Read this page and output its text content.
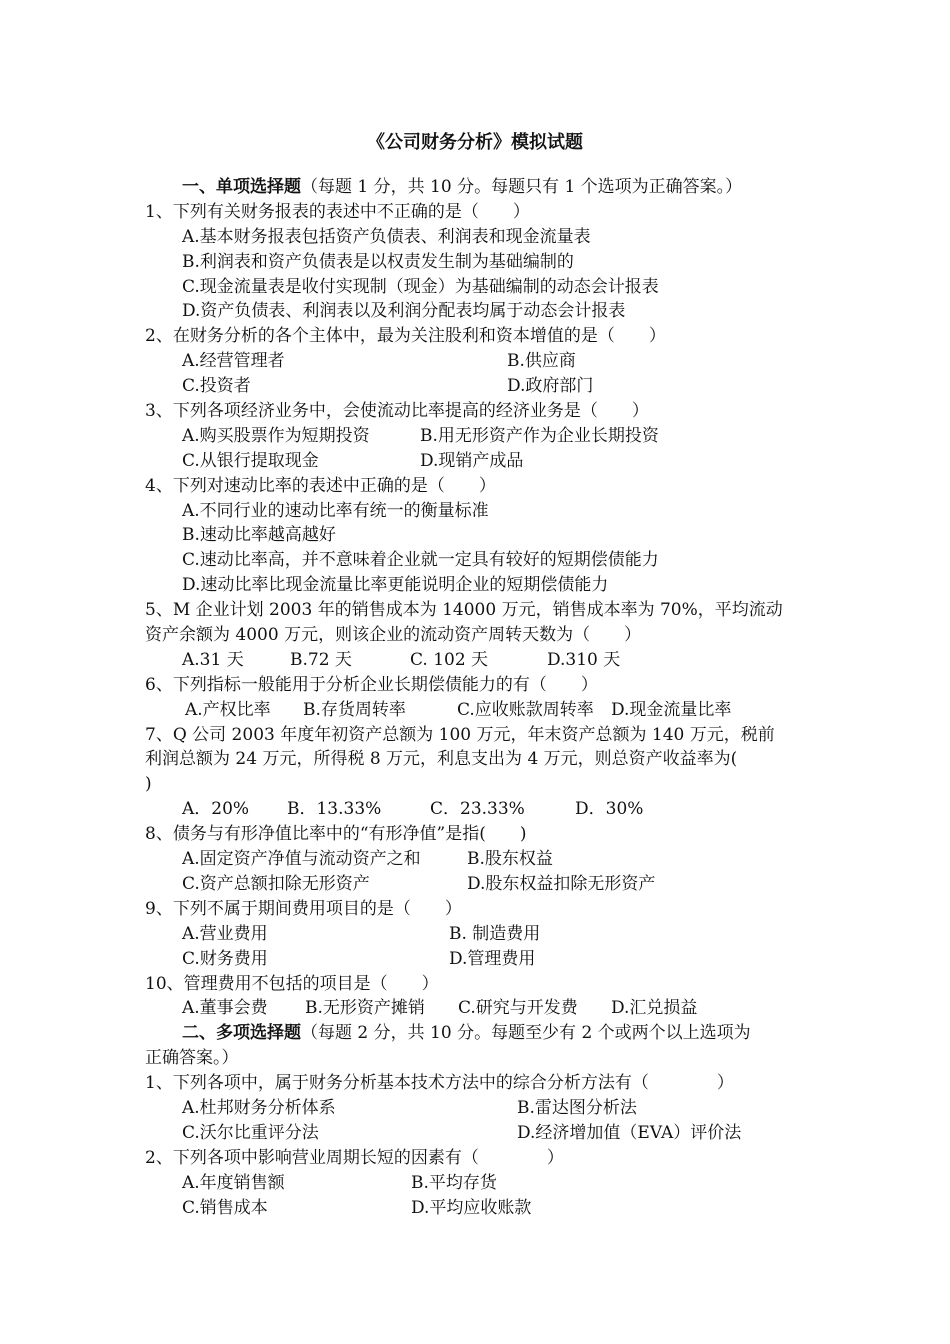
《公司财务分析》模拟试题
一、单项选择题（每题 1 分，共 10 分。每题只有 1 个选项为正确答案。）
1、下列有关财务报表的表述中不正确的是（　　）
A.基本财务报表包括资产负债表、利润表和现金流量表
B.利润表和资产负债表是以权责发生制为基础编制的
C.现金流量表是收付实现制（现金）为基础编制的动态会计报表
D.资产负债表、利润表以及利润分配表均属于动态会计报表
2、在财务分析的各个主体中，最为关注股利和资本增值的是（　　）
A.经营管理者	B.供应商
C.投资者	D.政府部门
3、下列各项经济业务中，会使流动比率提高的经济业务是（　　）
A.购买股票作为短期投资	B.用无形资产作为企业长期投资
C.从银行提取现金	D.现销产成品
4、下列对速动比率的表述中正确的是（　　）
A.不同行业的速动比率有统一的衡量标准
B.速动比率越高越好
C.速动比率高，并不意味着企业就一定具有较好的短期偿债能力
D.速动比率比现金流量比率更能说明企业的短期偿债能力
5、M 企业计划 2003 年的销售成本为 14000 万元，销售成本率为 70%，平均流动
资产余额为 4000 万元，则该企业的流动资产周转天数为（　　）
A.31 天	B.72 天	C. 102 天	D.310 天
6、下列指标一般能用于分析企业长期偿债能力的有（　　）
A.产权比率 B.存货周转率	C.应收账款周转率 D.现金流量比率
7、Q 公司 2003 年度年初资产总额为 100 万元，年末资产总额为 140 万元，税前
利润总额为 24 万元，所得税 8 万元，利息支出为 4 万元，则总资产收益率为(
)
A．20% B．13.33%	C．23.33%	D．30%
8、债务与有形净值比率中的“有形净值”是指(　　)
A.固定资产净值与流动资产之和	B.股东权益
C.资产总额扣除无形资产	D.股东权益扣除无形资产
9、下列不属于期间费用项目的是（　　）
A.营业费用	B. 制造费用
C.财务费用	D.管理费用
10、管理费用不包括的项目是（　　）
A.董事会费 B.无形资产摊销 C.研究与开发费 D.汇兑损益
二、多项选择题（每题 2 分，共 10 分。每题至少有 2 个或两个以上选项为
正确答案。）
1、下列各项中，属于财务分析基本技术方法中的综合分析方法有（　　　　）
A.杜邦财务分析体系	B.雷达图分析法
C.沃尔比重评分法	D.经济增加值（EVA）评价法
2、下列各项中影响营业周期长短的因素有（　　　　）
A.年度销售额	B.平均存货
C.销售成本	D.平均应收账款
